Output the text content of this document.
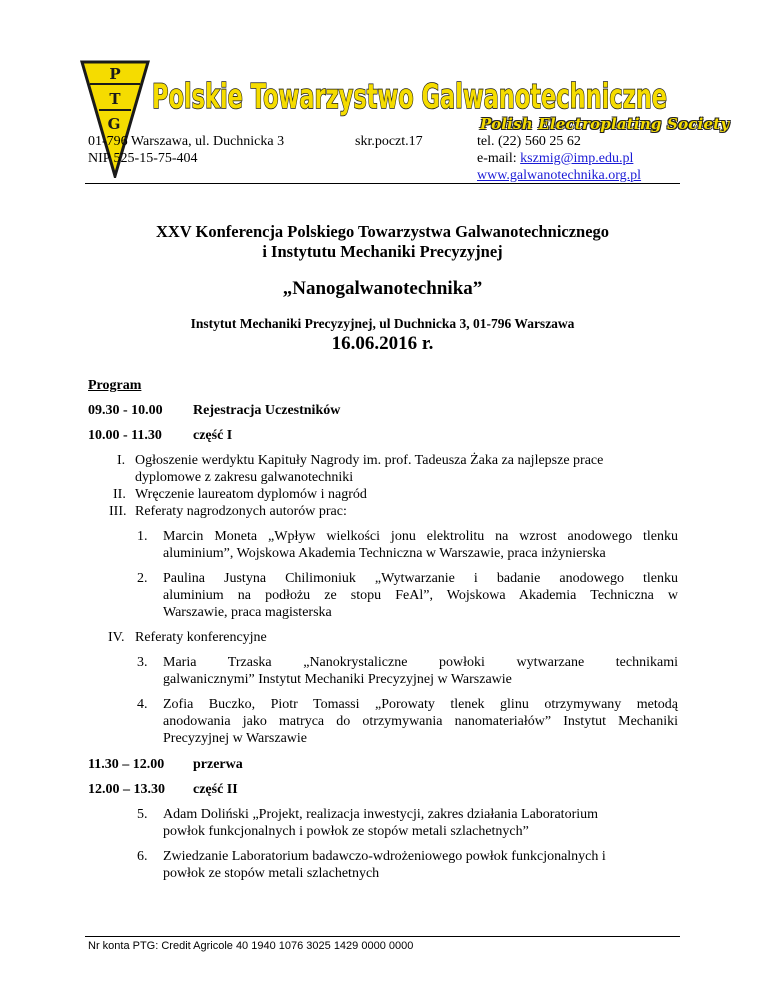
P
T
G
Polskie Towarzystwo Galwanotechniczne
Polish Electroplating Society
01-796 Warszawa, ul. Duchnicka 3
NIP 525-15-75-404
skr.poczt.17	tel. (22) 560 25 62
e-mail: kszmig@imp.edu.pl
www.galwanotechnika.org.pl
XXV Konferencja Polskiego Towarzystwa Galwanotechnicznego
i Instytutu Mechaniki Precyzyjnej
„Nanogalwanotechnika”
Instytut Mechaniki Precyzyjnej, ul Duchnicka 3, 01-796 Warszawa
16.06.2016 r.
Program
09.30 - 10.00 Rejestracja Uczestników
10.00 - 11.30 część I
I. Ogłoszenie werdyktu Kapituły Nagrody im. prof. Tadeusza Żaka za najlepsze prace
dyplomowe z zakresu galwanotechniki
II. Wręczenie laureatom dyplomów i nagród
III. Referaty nagrodzonych autorów prac:
1. Marcin Moneta „Wpływ wielkości jonu elektrolitu na wzrost anodowego tlenku
aluminium”, Wojskowa Akademia Techniczna w Warszawie, praca inżynierska
2. Paulina Justyna Chilimoniuk „Wytwarzanie i badanie anodowego tlenku
aluminium na podłożu ze stopu FeAl”, Wojskowa Akademia Techniczna w
Warszawie, praca magisterska
IV. Referaty konferencyjne
3. Maria Trzaska „Nanokrystaliczne powłoki wytwarzane technikami
galwanicznymi” Instytut Mechaniki Precyzyjnej w Warszawie
4. Zofia Buczko, Piotr Tomassi „Porowaty tlenek glinu otrzymywany metodą
anodowania jako matryca do otrzymywania nanomateriałów” Instytut Mechaniki
Precyzyjnej w Warszawie
11.30 – 12.00 przerwa
12.00 – 13.30 część II
5. Adam Doliński „Projekt, realizacja inwestycji, zakres działania Laboratorium
powłok funkcjonalnych i powłok ze stopów metali szlachetnych”
6. Zwiedzanie Laboratorium badawczo-wdrożeniowego powłok funkcjonalnych i
powłok ze stopów metali szlachetnych
Nr konta PTG: Credit Agricole 40 1940 1076 3025 1429 0000 0000
